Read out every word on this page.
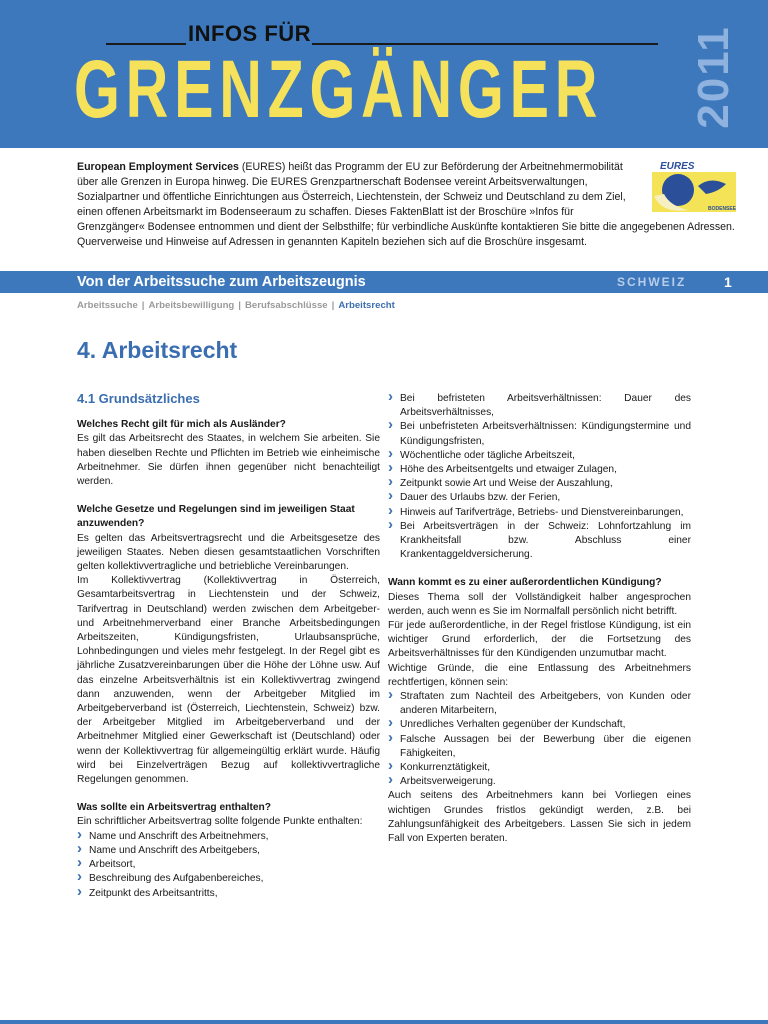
INFOS FÜR
GRENZGÄNGER 2011
European Employment Services (EURES) heißt das Programm der EU zur Beförderung der Arbeitnehmermobilität über alle Grenzen in Europa hinweg. Die EURES Grenzpartnerschaft Bodensee vereint Arbeitsverwaltungen, Sozialpartner und öffentliche Einrichtungen aus Österreich, Liechtenstein, der Schweiz und Deutschland zu dem Ziel, einen offenen Arbeitsmarkt im Bodenseeraum zu schaffen. Dieses FaktenBlatt ist der Broschüre »Infos für
Grenzgänger« Bodensee entnommen und dient der Selbsthilfe; für verbindliche Auskünfte kontaktieren Sie bitte die angegebenen Adressen. Querverweise und Hinweise auf Adressen in genannten Kapiteln beziehen sich auf die Broschüre insgesamt.
EURES
BODENSEE
Von der Arbeitssuche zum Arbeitszeugnis	SCHWEIZ	1
Arbeitssuche | Arbeitsbewilligung | Berufsabschlüsse | Arbeitsrecht
4. Arbeitsrecht
4.1 Grundsätzliches

Welches Recht gilt für mich als Ausländer?

Es gilt das Arbeitsrecht des Staates, in welchem Sie arbeiten. Sie haben dieselben Rechte und Pflichten im Betrieb wie einheimische Arbeitnehmer. Sie dürfen ihnen gegenüber nicht benachteiligt werden.

Welche Gesetze und Regelungen sind im jeweiligen Staat anzuwenden?

Es gelten das Arbeitsvertragsrecht und die Arbeitsgesetze des jeweiligen Staates. Neben diesen gesamtstaatlichen Vorschriften gelten kollektivvertragliche und betriebliche Vereinbarungen.

Im Kollektivvertrag (Kollektivvertrag in Österreich, Gesamtarbeitsvertrag in Liechtenstein und der Schweiz, Tarifvertrag in Deutschland) werden zwischen dem Arbeitgeber- und Arbeitnehmerverband einer Branche Arbeitsbedingungen Arbeitszeiten, Kündigungsfristen, Urlaubsansprüche, Lohnbedingungen und vieles mehr festgelegt. In der Regel gibt es jährliche Zusatzvereinbarungen über die Höhe der Löhne usw. Auf das einzelne Arbeitsverhältnis ist ein Kollektivvertrag zwingend dann anzuwenden, wenn der Arbeitgeber Mitglied im Arbeitgeberverband ist (Österreich, Liechtenstein, Schweiz) bzw. der Arbeitgeber Mitglied im Arbeitgeberverband und der Arbeitnehmer Mitglied einer Gewerkschaft ist (Deutschland) oder wenn der Kollektivvertrag für allgemeingültig erklärt wurde. Häufig wird bei Einzelverträgen Bezug auf kollektivvertragliche Regelungen genommen.

Was sollte ein Arbeitsvertrag enthalten?

Ein schriftlicher Arbeitsvertrag sollte folgende Punkte enthalten:

› Name und Anschrift des Arbeitnehmers,
› Name und Anschrift des Arbeitgebers,
› Arbeitsort,
› Beschreibung des Aufgabenbereiches,
› Zeitpunkt des Arbeitsantritts,
› Bei befristeten Arbeitsverhältnissen: Dauer des Arbeitsverhältnisses,
› Bei unbefristeten Arbeitsverhältnissen: Kündigungstermine und Kündigungsfristen,
› Wöchentliche oder tägliche Arbeitszeit,
› Höhe des Arbeitsentgelts und etwaiger Zulagen,
› Zeitpunkt sowie Art und Weise der Auszahlung,
› Dauer des Urlaubs bzw. der Ferien,
› Hinweis auf Tarifverträge, Betriebs- und Dienstvereinbarungen,
› Bei Arbeitsverträgen in der Schweiz: Lohnfortzahlung im Krankheitsfall bzw. Abschluss einer Krankentaggeldversicherung.

Wann kommt es zu einer außerordentlichen Kündigung?

Dieses Thema soll der Vollständigkeit halber angesprochen werden, auch wenn es Sie im Normalfall persönlich nicht betrifft.

Für jede außerordentliche, in der Regel fristlose Kündigung, ist ein wichtiger Grund erforderlich, der die Fortsetzung des Arbeitsverhältnisses für den Kündigenden unzumutbar macht.

Wichtige Gründe, die eine Entlassung des Arbeitnehmers rechtfertigen, können sein:

› Straftaten zum Nachteil des Arbeitgebers, von Kunden oder anderen Mitarbeitern,
› Unredliches Verhalten gegenüber der Kundschaft,
› Falsche Aussagen bei der Bewerbung über die eigenen Fähigkeiten,
› Konkurrenztätigkeit,
› Arbeitsverweigerung.

Auch seitens des Arbeitnehmers kann bei Vorliegen eines wichtigen Grundes fristlos gekündigt werden, z.B. bei Zahlungsunfähigkeit des Arbeitgebers. Lassen Sie sich in jedem Fall von Experten beraten.
